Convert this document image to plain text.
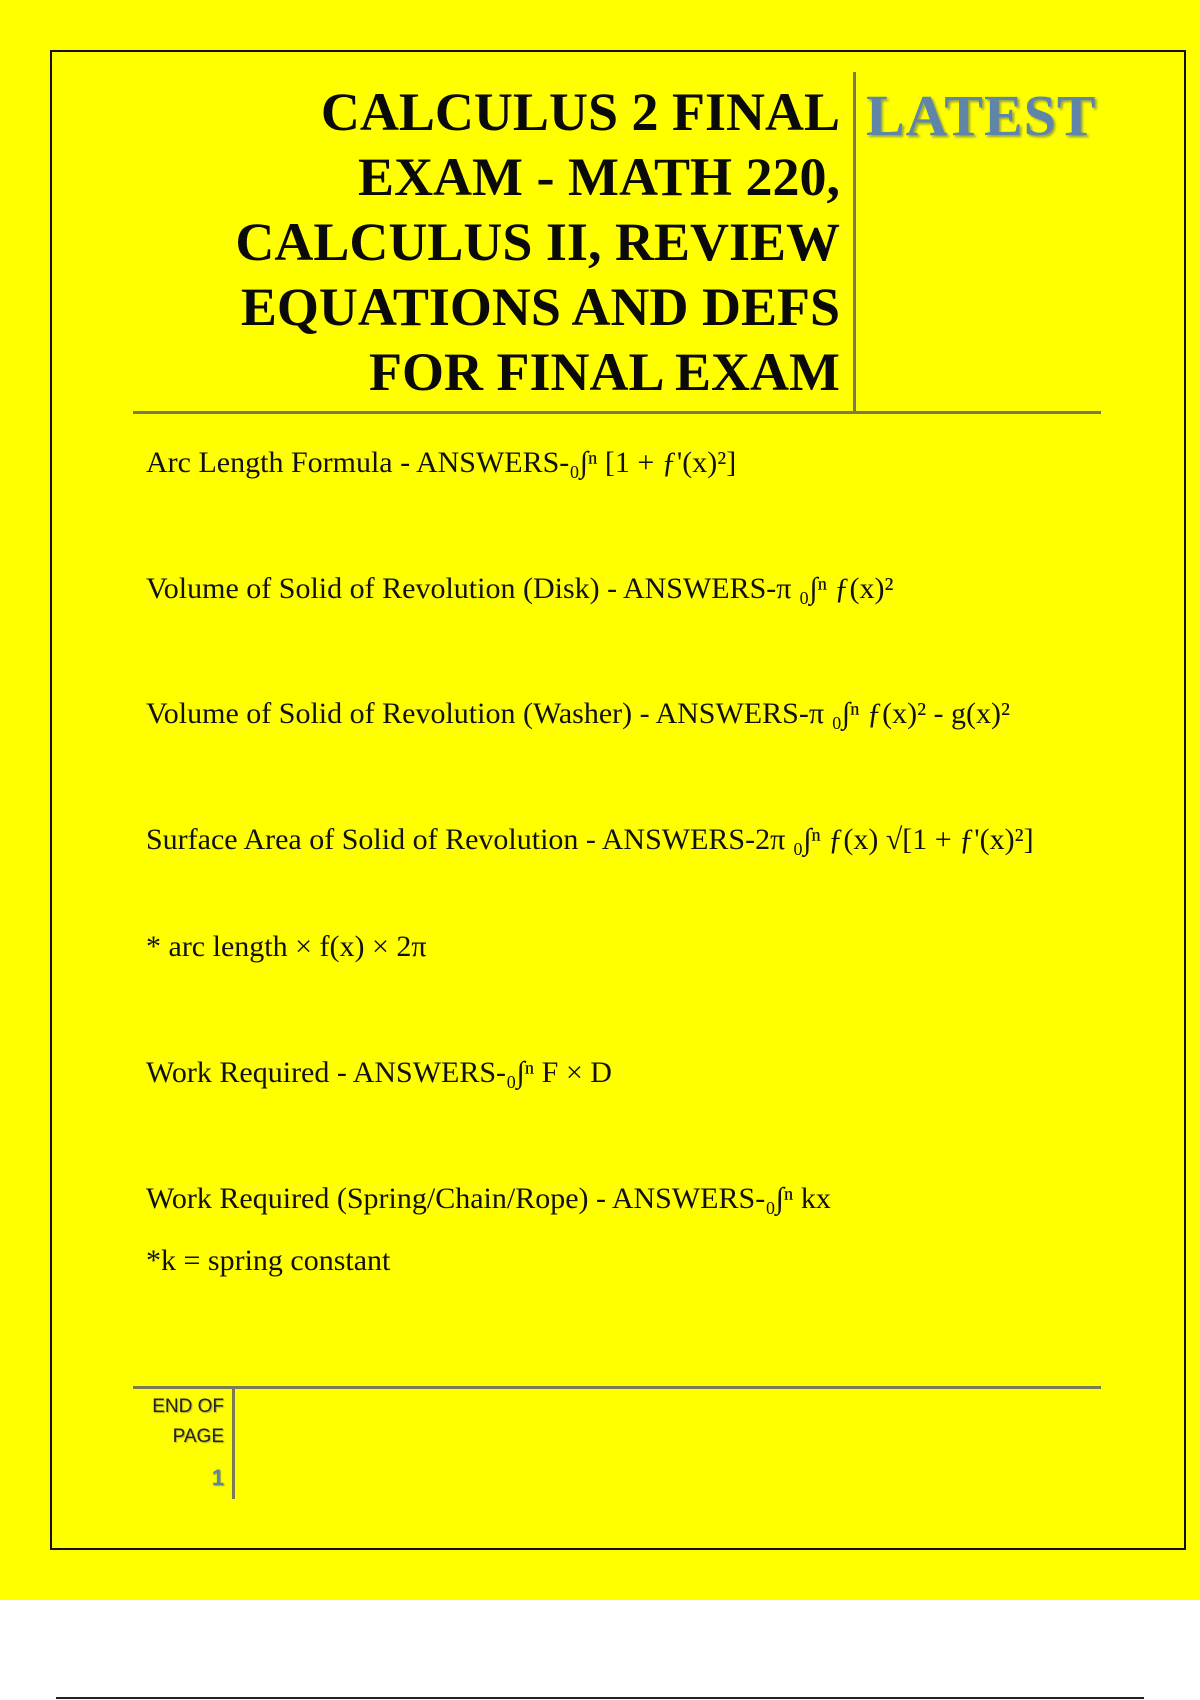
CALCULUS 2 FINAL
EXAM - MATH 220,
CALCULUS II, REVIEW
EQUATIONS AND DEFS
FOR FINAL EXAM
LATEST
Arc Length Formula - ANSWERS-₀∫ⁿ [1 + ƒ'(x)²]
Volume of Solid of Revolution (Disk) - ANSWERS-π ₀∫ⁿ ƒ(x)²
Volume of Solid of Revolution (Washer) - ANSWERS-π ₀∫ⁿ ƒ(x)² - g(x)²
Surface Area of Solid of Revolution - ANSWERS-2π ₀∫ⁿ ƒ(x) √[1 + ƒ'(x)²]
* arc length × f(x) × 2π
Work Required - ANSWERS-₀∫ⁿ F × D
Work Required (Spring/Chain/Rope) - ANSWERS-₀∫ⁿ kx
*k = spring constant
END OF
PAGE
1
